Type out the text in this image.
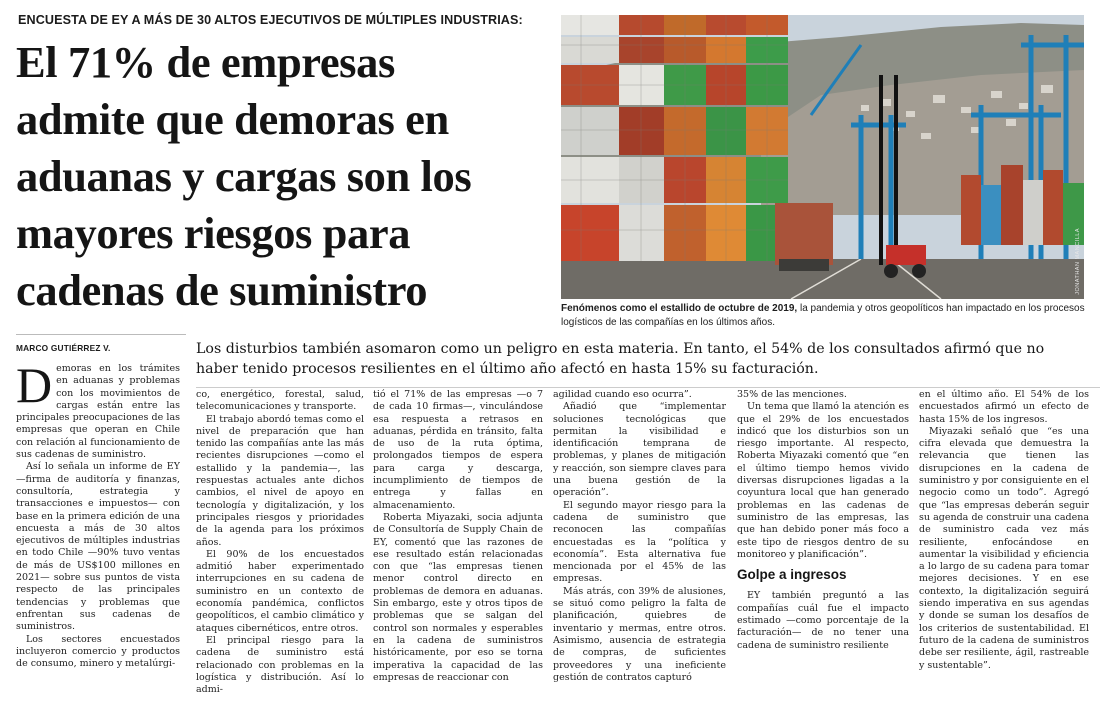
ENCUESTA DE EY A MÁS DE 30 ALTOS EJECUTIVOS DE MÚLTIPLES INDUSTRIAS:
El 71% de empresas
admite que demoras en
aduanas y cargas son los
mayores riesgos para
cadenas de suministro	JONATHAN MANCILLA
Fenómenos como el estallido de octubre de 2019, la pandemia y otros geopolíticos han impactado en los procesos logísticos de las compañías en los últimos años.
MARCO GUTIÉRREZ V.	Los disturbios también asomaron como un peligro en esta materia. En tanto, el 54% de los consultados afirmó que no
haber tenido procesos resilientes en el último año afectó en hasta 15% su facturación.

Demoras en los trámites en aduanas y problemas con los movimientos de cargas están entre las principales preocupaciones de las empresas que operan en Chile con relación al funcionamiento de sus cadenas de suministro.

Así lo señala un informe de EY —firma de auditoría y finanzas, consultoría, estrategia y transacciones e impuestos— con base en la primera edición de una encuesta a más de 30 altos ejecutivos de múltiples industrias en todo Chile —90% tuvo ventas de más de US$100 millones en 2021— sobre sus puntos de vista respecto de las principales tendencias y problemas que enfrentan sus cadenas de suministros.

Los sectores encuestados incluyeron comercio y productos de consumo, minero y metalúrgi-

co, energético, forestal, salud, telecomunicaciones y transporte.

El trabajo abordó temas como el nivel de preparación que han tenido las compañías ante las más recientes disrupciones —como el estallido y la pandemia—, las respuestas actuales ante dichos cambios, el nivel de apoyo en tecnología y digitalización, y los principales riesgos y prioridades de la agenda para los próximos años.

El 90% de los encuestados admitió haber experimentado interrupciones en su cadena de suministro en un contexto de economía pandémica, conflictos geopolíticos, el cambio climático y ataques cibernéticos, entre otros.

El principal riesgo para la cadena de suministro está relacionado con problemas en la logística y distribución. Así lo admi-

tió el 71% de las empresas —o 7 de cada 10 firmas—, vinculándose esa respuesta a retrasos en aduanas, pérdida en tránsito, falta de uso de la ruta óptima, prolongados tiempos de espera para carga y descarga, incumplimiento de tiempos de entrega y fallas en almacenamiento.

Roberta Miyazaki, socia adjunta de Consultoría de Supply Chain de EY, comentó que las razones de ese resultado están relacionadas con que “las empresas tienen menor control directo en problemas de demora en aduanas. Sin embargo, este y otros tipos de problemas que se salgan del control son normales y esperables en la cadena de suministros históricamente, por eso se torna imperativa la capacidad de las empresas de reaccionar con

agilidad cuando eso ocurra”.

Añadió que “implementar soluciones tecnológicas que permitan la visibilidad e identificación temprana de problemas, y planes de mitigación y reacción, son siempre claves para una buena gestión de la operación”.

El segundo mayor riesgo para la cadena de suministro que reconocen las compañías encuestadas es la “política y economía”. Esta alternativa fue mencionada por el 45% de las empresas.

Más atrás, con 39% de alusiones, se situó como peligro la falta de planificación, quiebres de inventario y mermas, entre otros. Asimismo, ausencia de estrategia de compras, de suficientes proveedores y una ineficiente gestión de contratos capturó

35% de las menciones.

Un tema que llamó la atención es que el 29% de los encuestados indicó que los disturbios son un riesgo importante. Al respecto, Roberta Miyazaki comentó que “en el último tiempo hemos vivido diversas disrupciones ligadas a la coyuntura local que han generado problemas en las cadenas de suministro de las empresas, las que han debido poner más foco a este tipo de riesgos dentro de su monitoreo y planificación”.

Golpe a ingresos

EY también preguntó a las compañías cuál fue el impacto estimado —como porcentaje de la facturación— de no tener una cadena de suministro resiliente

en el último año. El 54% de los encuestados afirmó un efecto de hasta 15% de los ingresos.

Miyazaki señaló que “es una cifra elevada que demuestra la relevancia que tienen las disrupciones en la cadena de suministro y por consiguiente en el negocio como un todo”. Agregó que “las empresas deberán seguir su agenda de construir una cadena de suministro cada vez más resiliente, enfocándose en aumentar la visibilidad y eficiencia a lo largo de su cadena para tomar mejores decisiones. Y en ese contexto, la digitalización seguirá siendo imperativa en sus agendas y donde se suman los desafíos de los criterios de sustentabilidad. El futuro de la cadena de suministros debe ser resiliente, ágil, rastreable y sustentable”.
